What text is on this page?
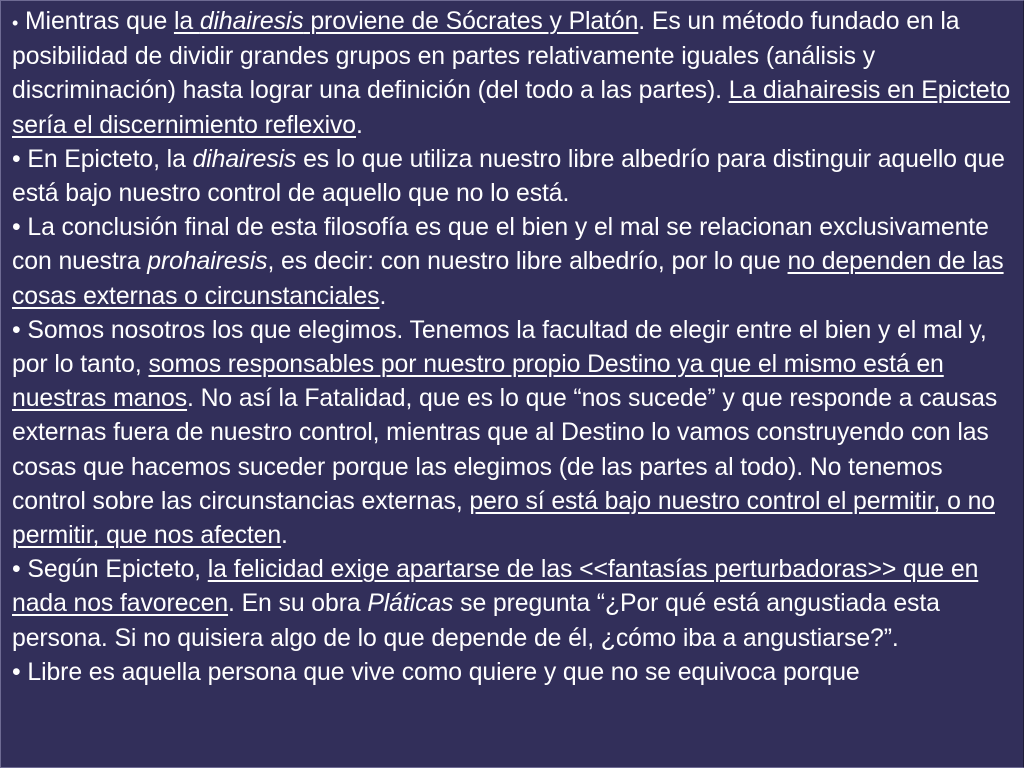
• Mientras que la dihairesis proviene de Sócrates y Platón. Es un método fundado en la posibilidad de dividir grandes grupos en partes relativamente iguales (análisis y discriminación) hasta lograr una definición (del todo a las partes). La diahairesis en Epicteto sería el discernimiento reflexivo.

• En Epicteto, la dihairesis es lo que utiliza nuestro libre albedrío para distinguir aquello que está bajo nuestro control de aquello que no lo está.

• La conclusión final de esta filosofía es que el bien y el mal se relacionan exclusivamente con nuestra prohairesis, es decir: con nuestro libre albedrío, por lo que no dependen de las cosas externas o circunstanciales.

• Somos nosotros los que elegimos. Tenemos la facultad de elegir entre el bien y el mal y, por lo tanto, somos responsables por nuestro propio Destino ya que el mismo está en nuestras manos. No así la Fatalidad, que es lo que “nos sucede” y que responde a causas externas fuera de nuestro control, mientras que al Destino lo vamos construyendo con las cosas que hacemos suceder porque las elegimos (de las partes al todo). No tenemos control sobre las circunstancias externas, pero sí está bajo nuestro control el permitir, o no permitir, que nos afecten.

• Según Epicteto, la felicidad exige apartarse de las <<fantasías perturbadoras>> que en nada nos favorecen. En su obra Pláticas se pregunta “¿Por qué está angustiada esta persona. Si no quisiera algo de lo que depende de él, ¿cómo iba a angustiarse?”.

• Libre es aquella persona que vive como quiere y que no se equivoca porque
